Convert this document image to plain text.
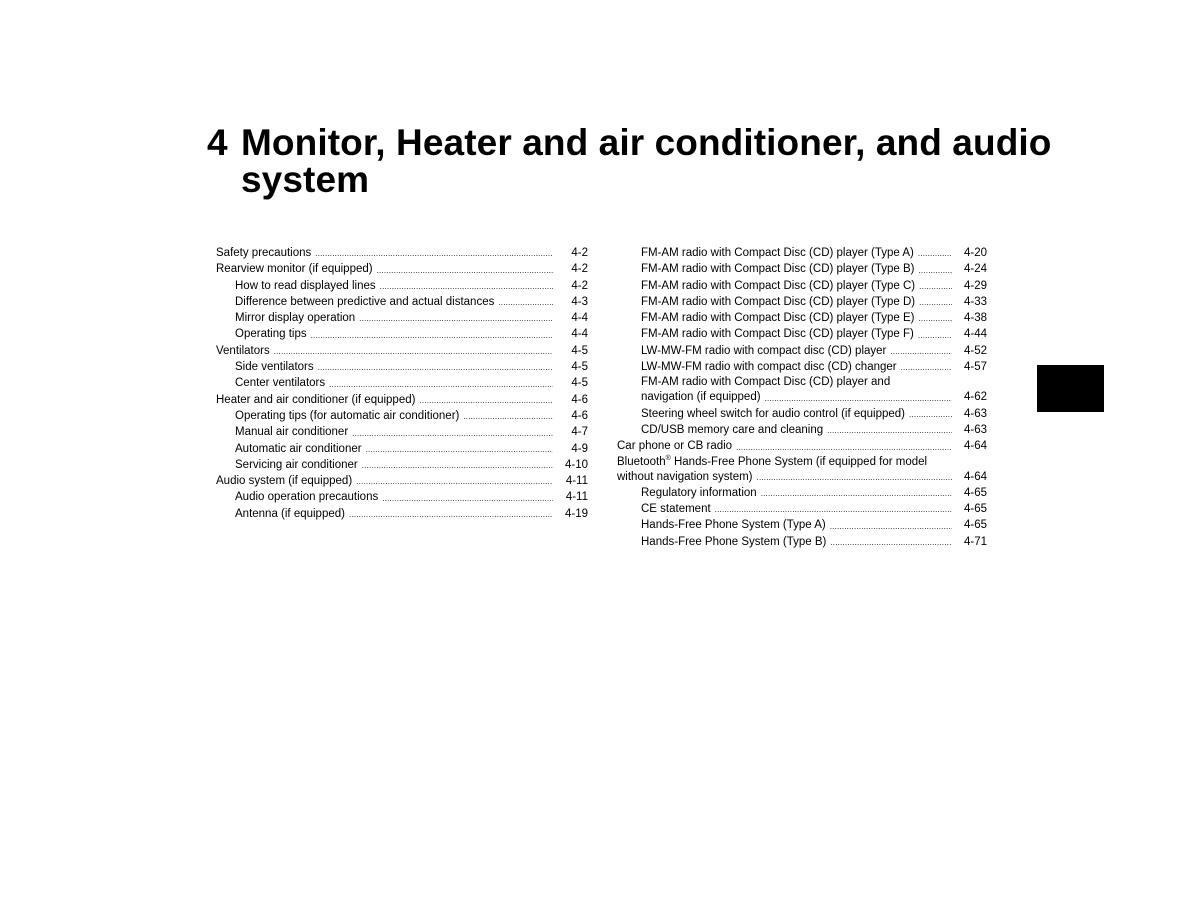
4 Monitor, Heater and air conditioner, and audio
system
Safety precautions .....	4-2
Rearview monitor (if equipped) .....	4-2
How to read displayed lines .....	4-2
Difference between predictive and actual distances .....	4-3
Mirror display operation .....	4-4
Operating tips .....	4-4
Ventilators .....	4-5
Side ventilators .....	4-5
Center ventilators .....	4-5
Heater and air conditioner (if equipped) .....	4-6
Operating tips (for automatic air conditioner) .....	4-6
Manual air conditioner .....	4-7
Automatic air conditioner .....	4-9
Servicing air conditioner .....	4-10
Audio system (if equipped) .....	4-11
Audio operation precautions .....	4-11
Antenna (if equipped) .....	4-19
FM-AM radio with Compact Disc (CD) player (Type A) .....	4-20
FM-AM radio with Compact Disc (CD) player (Type B) .....	4-24
FM-AM radio with Compact Disc (CD) player (Type C) .....	4-29
FM-AM radio with Compact Disc (CD) player (Type D) .....	4-33
FM-AM radio with Compact Disc (CD) player (Type E) .....	4-38
FM-AM radio with Compact Disc (CD) player (Type F) .....	4-44
LW-MW-FM radio with compact disc (CD) player .....	4-52
LW-MW-FM radio with compact disc (CD) changer .....	4-57
FM-AM radio with Compact Disc (CD) player and
navigation (if equipped) .....	4-62
Steering wheel switch for audio control (if equipped) .....	4-63
CD/USB memory care and cleaning .....	4-63
Car phone or CB radio .....	4-64
Bluetooth® Hands-Free Phone System (if equipped for model
without navigation system) .....	4-64
Regulatory information .....	4-65
CE statement .....	4-65
Hands-Free Phone System (Type A) .....	4-65
Hands-Free Phone System (Type B) .....	4-71
